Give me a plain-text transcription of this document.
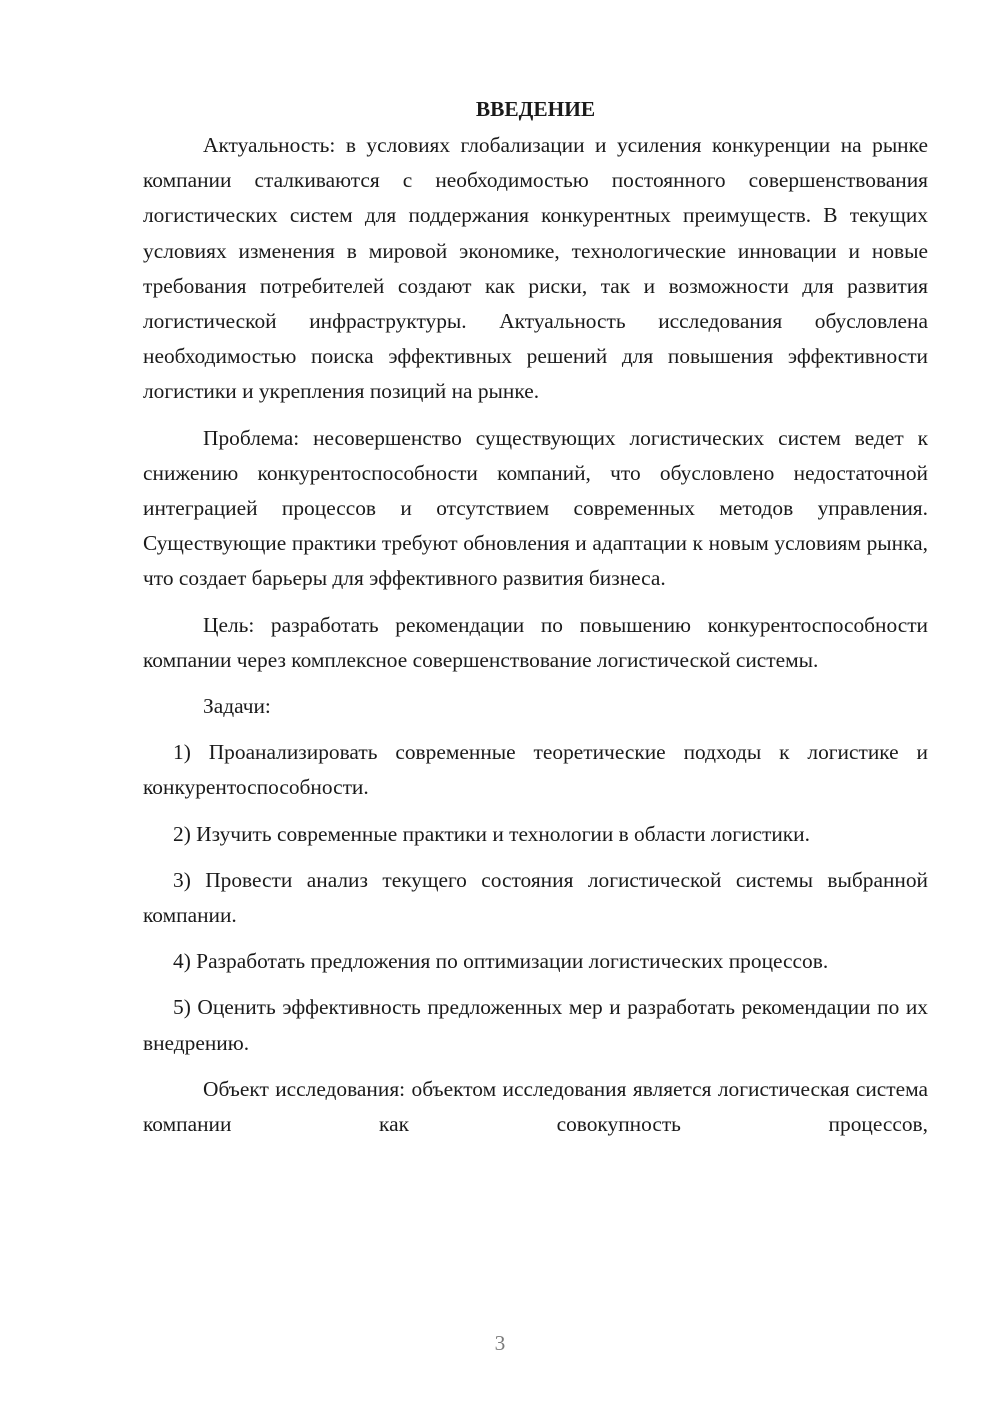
ВВЕДЕНИЕ

Актуальность: в условиях глобализации и усиления конкуренции на рынке компании сталкиваются с необходимостью постоянного совершенствования логистических систем для поддержания конкурентных преимуществ. В текущих условиях изменения в мировой экономике, технологические инновации и новые требования потребителей создают как риски, так и возможности для развития логистической инфраструктуры. Актуальность исследования обусловлена необходимостью поиска эффективных решений для повышения эффективности логистики и укрепления позиций на рынке.

Проблема: несовершенство существующих логистических систем ведет к снижению конкурентоспособности компаний, что обусловлено недостаточной интеграцией процессов и отсутствием современных методов управления. Существующие практики требуют обновления и адаптации к новым условиям рынка, что создает барьеры для эффективного развития бизнеса.

Цель: разработать рекомендации по повышению конкурентоспособности компании через комплексное совершенствование логистической системы.

Задачи:

1) Проанализировать современные теоретические подходы к логистике и конкурентоспособности.

2) Изучить современные практики и технологии в области логистики.

3) Провести анализ текущего состояния логистической системы выбранной компании.

4) Разработать предложения по оптимизации логистических процессов.

5) Оценить эффективность предложенных мер и разработать рекомендации по их внедрению.

Объект исследования: объектом исследования является логистическая система компании как совокупность процессов,

3
